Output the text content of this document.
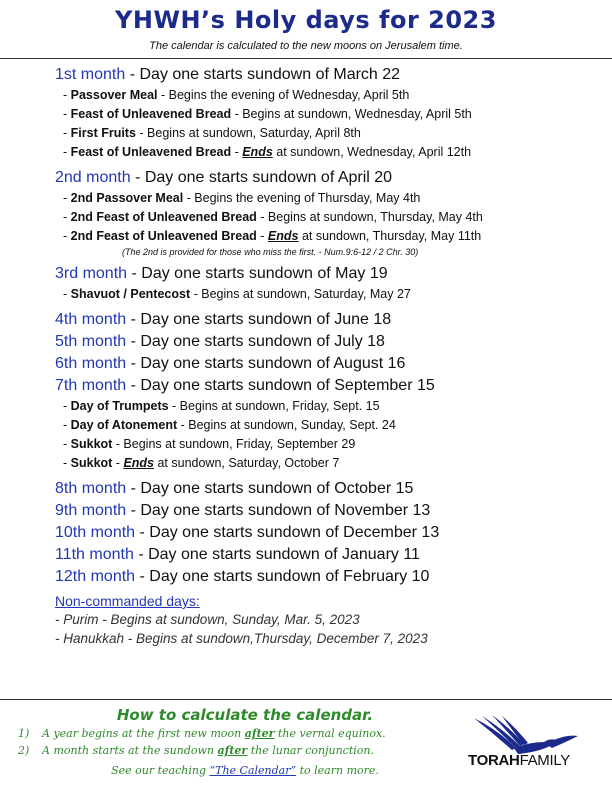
YHWH’s Holy days for 2023
The calendar is calculated to the new moons on Jerusalem time.
1st month - Day one starts sundown of March 22
- Passover Meal - Begins the evening of Wednesday, April 5th
- Feast of Unleavened Bread - Begins at sundown, Wednesday, April 5th
- First Fruits - Begins at sundown, Saturday, April 8th
- Feast of Unleavened Bread - Ends at sundown, Wednesday, April 12th
2nd month - Day one starts sundown of April 20
- 2nd Passover Meal - Begins the evening of Thursday, May 4th
- 2nd Feast of Unleavened Bread - Begins at sundown, Thursday, May 4th
- 2nd Feast of Unleavened Bread - Ends at sundown, Thursday, May 11th
(The 2nd is provided for those who miss the first. - Num.9:6-12 / 2 Chr. 30)
3rd month - Day one starts sundown of May 19
- Shavuot / Pentecost - Begins at sundown, Saturday, May 27
4th month - Day one starts sundown of June 18
5th month - Day one starts sundown of July 18
6th month - Day one starts sundown of August 16
7th month - Day one starts sundown of September 15
- Day of Trumpets - Begins at sundown, Friday, Sept. 15
- Day of Atonement - Begins at sundown, Sunday, Sept. 24
- Sukkot - Begins at sundown, Friday, September 29
- Sukkot - Ends at sundown, Saturday, October 7
8th month - Day one starts sundown of October 15
9th month - Day one starts sundown of November 13
10th month - Day one starts sundown of December 13
11th month - Day one starts sundown of January 11
12th month - Day one starts sundown of February 10
Non-commanded days:
- Purim - Begins at sundown, Sunday, Mar. 5, 2023
- Hanukkah - Begins at sundown,Thursday, December 7, 2023
How to calculate the calendar.
1) A year begins at the first new moon after the vernal equinox.
2) A month starts at the sundown after the lunar conjunction.
See our teaching “The Calendar” to learn more.
TORAHFAMILY
